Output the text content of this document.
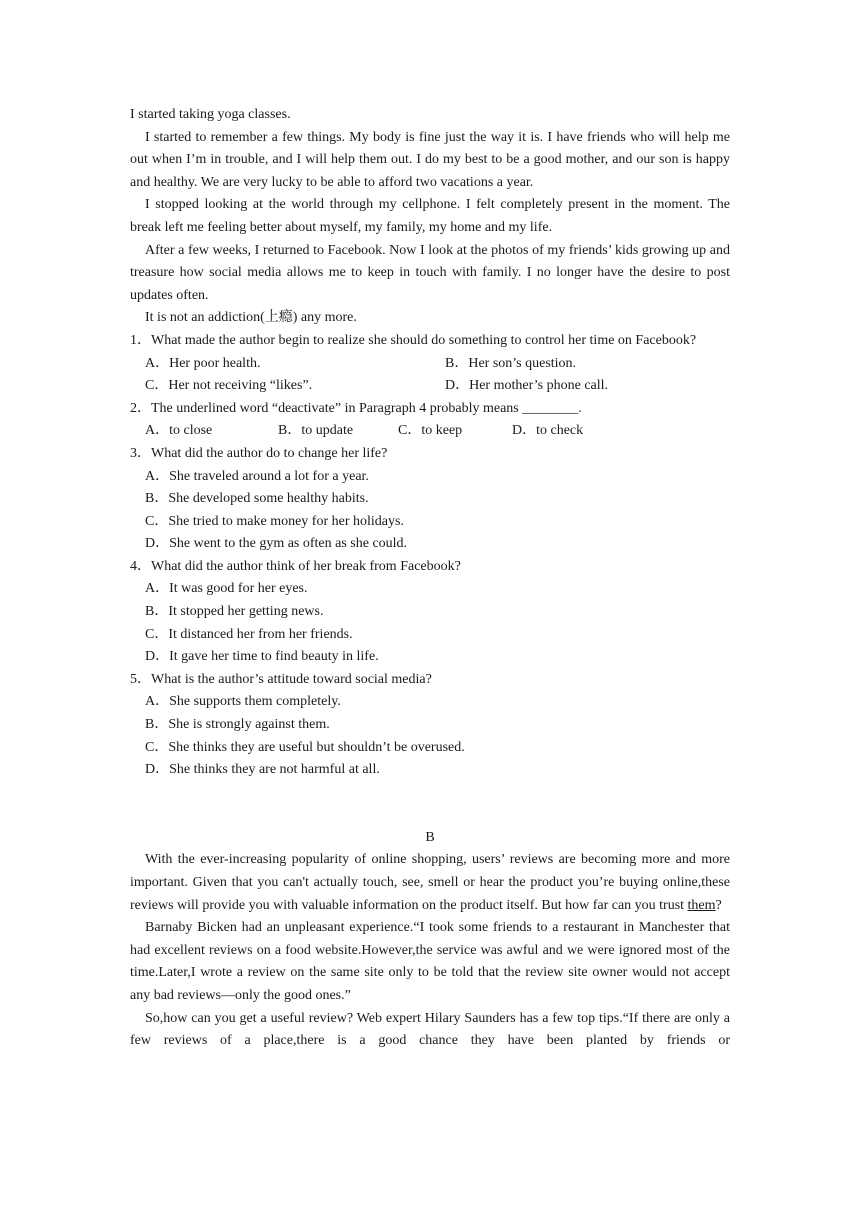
I started taking yoga classes.

I started to remember a few things. My body is fine just the way it is. I have friends who will help me out when I’m in trouble, and I will help them out. I do my best to be a good mother, and our son is happy and healthy. We are very lucky to be able to afford two vacations a year.

I stopped looking at the world through my cellphone. I felt completely present in the moment. The break left me feeling better about myself, my family, my home and my life.

After a few weeks, I returned to Facebook. Now I look at the photos of my friends’ kids growing up and treasure how social media allows me to keep in touch with family. I no longer have the desire to post updates often.

It is not an addiction(上瘾) any more.

1．What made the author begin to realize she should do something to control her time on Facebook?

A．Her poor health.	B．Her son’s question.
C．Her not receiving “likes”.	D．Her mother’s phone call.

2．The underlined word “deactivate” in Paragraph 4 probably means ________.

A．to close	B．to update	C．to keep	D．to check

3．What did the author do to change her life?

A．She traveled around a lot for a year.

B．She developed some healthy habits.

C．She tried to make money for her holidays.

D．She went to the gym as often as she could.

4．What did the author think of her break from Facebook?

A．It was good for her eyes.

B．It stopped her getting news.

C．It distanced her from her friends.

D．It gave her time to find beauty in life.

5．What is the author’s attitude toward social media?

A．She supports them completely.

B．She is strongly against them.

C．She thinks they are useful but shouldn’t be overused.

D．She thinks they are not harmful at all.

B

With the ever-increasing popularity of online shopping, users’ reviews are becoming more and more important. Given that you can't actually touch, see, smell or hear the product you’re buying online,these reviews will provide you with valuable information on the product itself. But how far can you trust them?

Barnaby Bicken had an unpleasant experience.“I took some friends to a restaurant in Manchester that had excellent reviews on a food website.However,the service was awful and we were ignored most of the time.Later,I wrote a review on the same site only to be told that the review site owner would not accept any bad reviews—only the good ones.”

So,how can you get a useful review? Web expert Hilary Saunders has a few top tips.“If there are only a few reviews of a place,there is a good chance they have been planted by friends or
